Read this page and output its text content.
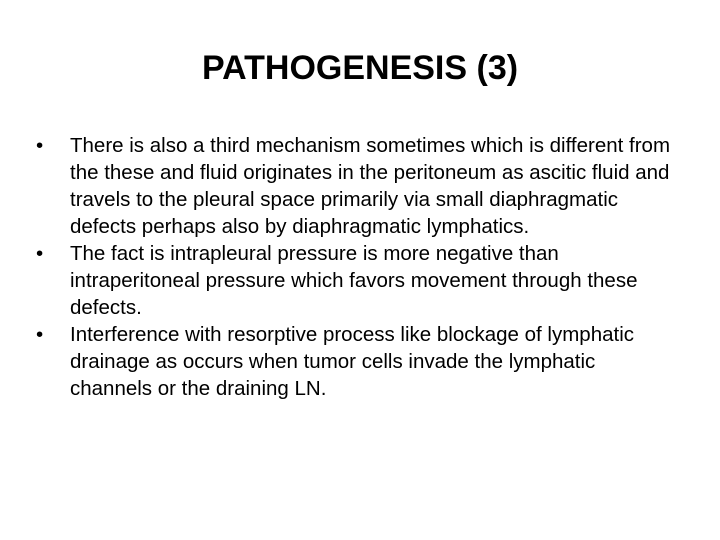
PATHOGENESIS (3)
•	There is also a third mechanism sometimes which is different from the these and fluid originates in the peritoneum as ascitic fluid and travels to the pleural space primarily via small diaphragmatic defects perhaps also by diaphragmatic lymphatics.
•	The fact is intrapleural pressure is more negative than intraperitoneal pressure which favors movement through these defects.
•	Interference with resorptive process like blockage of lymphatic drainage as occurs when tumor cells invade the lymphatic channels or the draining LN.
